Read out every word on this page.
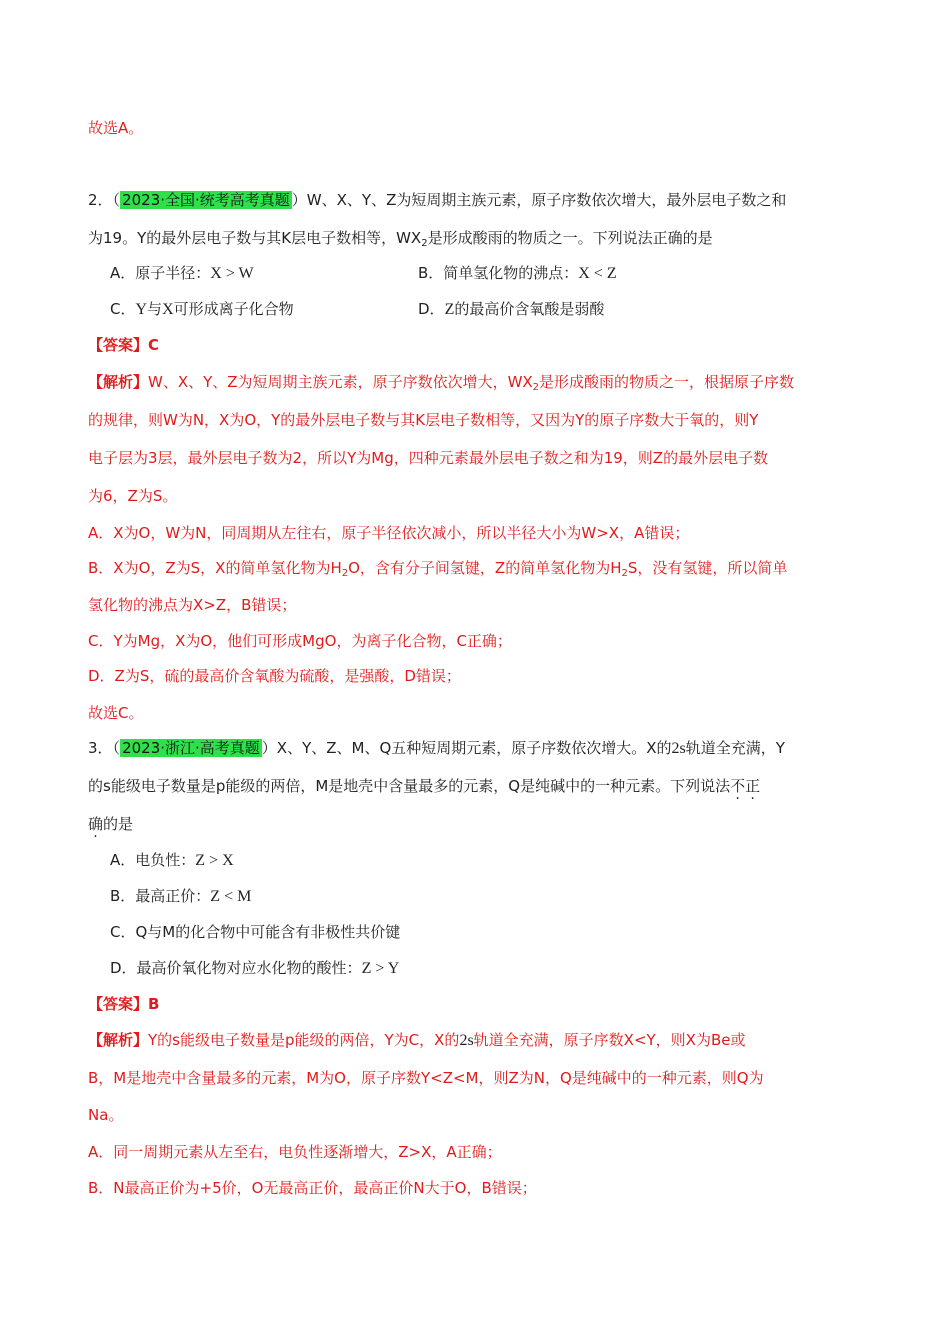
故选A。
2．（ 2023·全国·统考高考真题 ）W、X、Y、Z为短周期主族元素，原子序数依次增大，最外层电子数之和
为19。Y的最外层电子数与其K层电子数相等，$WX_2$是形成酸雨的物质之一。下列说法正确的是
A．原子半径：X > W	B．简单氢化物的沸点：X < Z
C．Y与X可形成离子化合物	D．Z的最高价含氧酸是弱酸
【答案】C
【解析】W、X、Y、Z为短周期主族元素，原子序数依次增大，$WX_2$是形成酸雨的物质之一，根据原子序数
的规律，则W为N，X为O，Y的最外层电子数与其K层电子数相等，又因为Y的原子序数大于氧的，则Y
电子层为3层，最外层电子数为2，所以Y为Mg，四种元素最外层电子数之和为19，则Z的最外层电子数
为6，Z为S。
A．X为O，W为N，同周期从左往右，原子半径依次减小，所以半径大小为W>X，A错误；
B．X为O，Z为S，X的简单氢化物为$H_2O$，含有分子间氢键，Z的简单氢化物为$H_2S$，没有氢键，所以简单
氢化物的沸点为X>Z，B错误；
C．Y为Mg，X为O，他们可形成MgO，为离子化合物，C正确；
D．Z为S，硫的最高价含氧酸为硫酸，是强酸，D错误；
故选C。
3．（ 2023·浙江·高考真题 ）X、Y、Z、M、Q五种短周期元素，原子序数依次增大。X的2s轨道全充满，Y
的s能级电子数量是p能级的两倍，M是地壳中含量最多的元素，Q是纯碱中的一种元素。下列说法不正
确的是
A．电负性：Z > X
B．最高正价：Z < M
C．Q与M的化合物中可能含有非极性共价键
D．最高价氧化物对应水化物的酸性：Z > Y
【答案】B
【解析】Y的s能级电子数量是p能级的两倍，Y为C，X的2s轨道全充满，原子序数X<Y，则X为Be或
B，M是地壳中含量最多的元素，M为O，原子序数Y<Z<M，则Z为N，Q是纯碱中的一种元素，则Q为
Na。
A．同一周期元素从左至右，电负性逐渐增大，Z>X，A正确；
B．N最高正价为+5价，O无最高正价，最高正价N大于O，B错误；
